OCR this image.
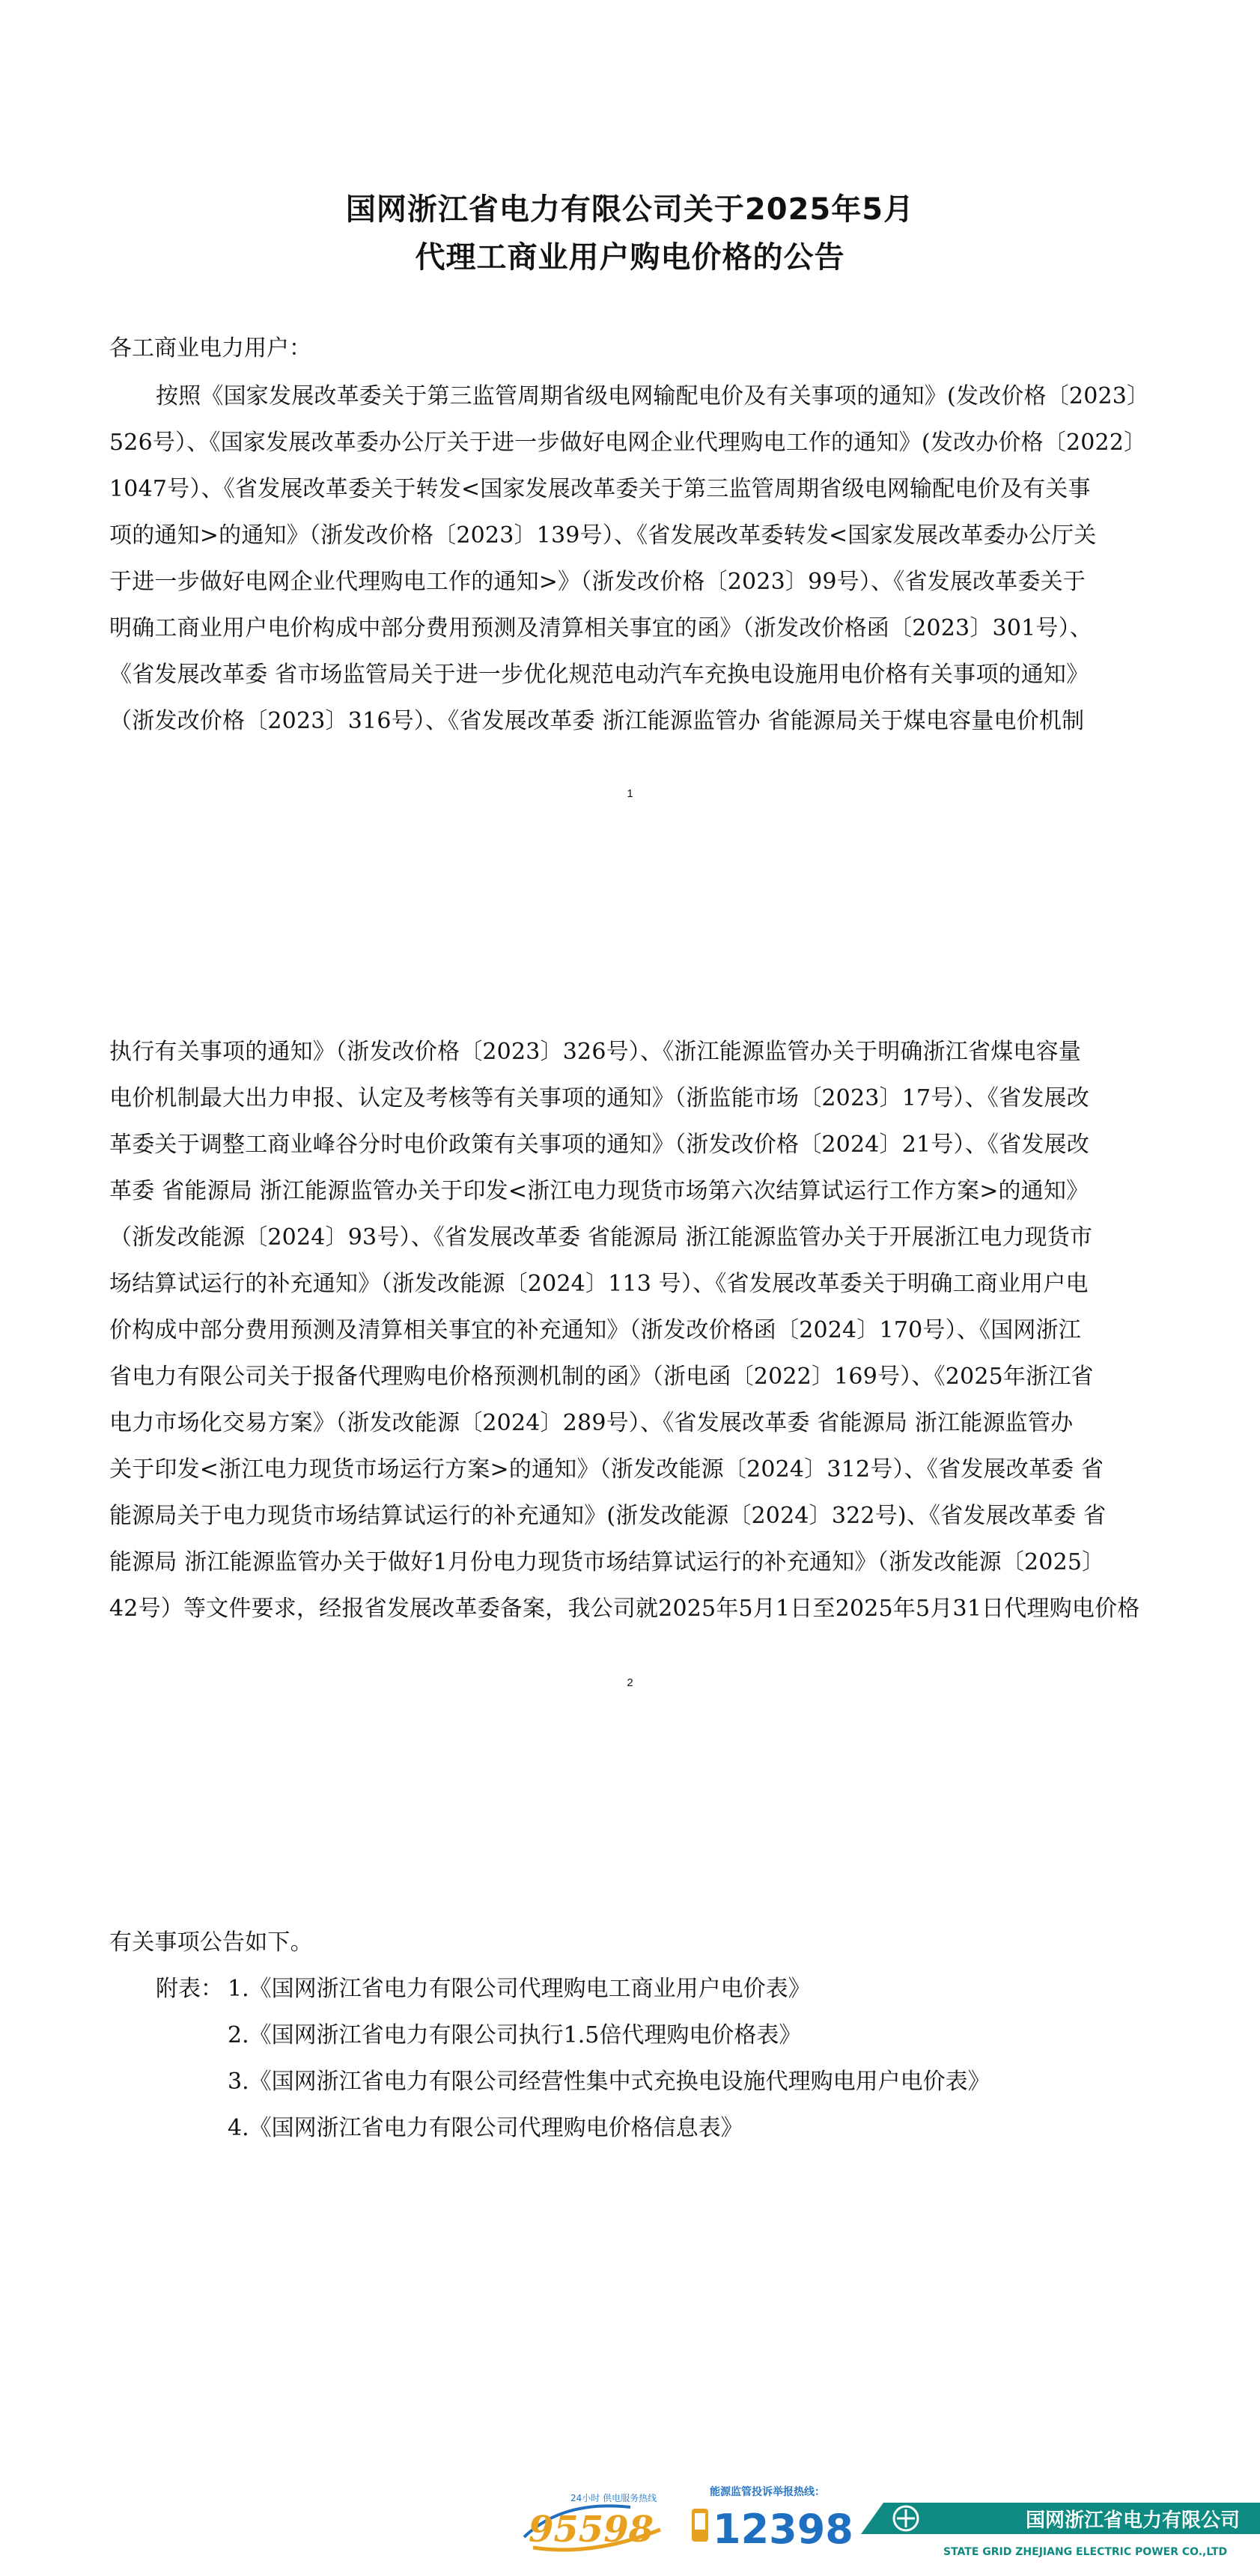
国网浙江省电力有限公司关于2025年5月
代理工商业用户购电价格的公告
各工商业电力用户：
按照《国家发展改革委关于第三监管周期省级电网输配电价及有关事项的通知》(发改价格〔2023〕
526号）、《国家发展改革委办公厅关于进一步做好电网企业代理购电工作的通知》(发改办价格〔2022〕
1047号）、《省发展改革委关于转发<国家发展改革委关于第三监管周期省级电网输配电价及有关事
项的通知>的通知》（浙发改价格〔2023〕139号）、《省发展改革委转发<国家发展改革委办公厅关
于进一步做好电网企业代理购电工作的通知>》（浙发改价格〔2023〕99号）、《省发展改革委关于
明确工商业用户电价构成中部分费用预测及清算相关事宜的函》（浙发改价格函〔2023〕301号）、
《省发展改革委 省市场监管局关于进一步优化规范电动汽车充换电设施用电价格有关事项的通知》
（浙发改价格〔2023〕316号）、《省发展改革委 浙江能源监管办 省能源局关于煤电容量电价机制
1
执行有关事项的通知》（浙发改价格〔2023〕326号）、《浙江能源监管办关于明确浙江省煤电容量
电价机制最大出力申报、认定及考核等有关事项的通知》（浙监能市场〔2023〕17号）、《省发展改
革委关于调整工商业峰谷分时电价政策有关事项的通知》（浙发改价格〔2024〕21号）、《省发展改
革委 省能源局 浙江能源监管办关于印发<浙江电力现货市场第六次结算试运行工作方案>的通知》
（浙发改能源〔2024〕93号）、《省发展改革委 省能源局 浙江能源监管办关于开展浙江电力现货市
场结算试运行的补充通知》（浙发改能源〔2024〕113 号）、《省发展改革委关于明确工商业用户电
价构成中部分费用预测及清算相关事宜的补充通知》（浙发改价格函〔2024〕170号）、《国网浙江
省电力有限公司关于报备代理购电价格预测机制的函》（浙电函〔2022〕169号）、《2025年浙江省
电力市场化交易方案》（浙发改能源〔2024〕289号）、《省发展改革委 省能源局 浙江能源监管办
关于印发<浙江电力现货市场运行方案>的通知》（浙发改能源〔2024〕312号）、《省发展改革委 省
能源局关于电力现货市场结算试运行的补充通知》(浙发改能源〔2024〕322号)、《省发展改革委 省
能源局 浙江能源监管办关于做好1月份电力现货市场结算试运行的补充通知》（浙发改能源〔2025〕
42号）等文件要求，经报省发展改革委备案，我公司就2025年5月1日至2025年5月31日代理购电价格
2
有关事项公告如下。
附表： 1.《国网浙江省电力有限公司代理购电工商业用户电价表》
2.《国网浙江省电力有限公司执行1.5倍代理购电价格表》
3.《国网浙江省电力有限公司经营性集中式充换电设施代理购电用户电价表》
4.《国网浙江省电力有限公司代理购电价格信息表》
24小时 供电服务热线
95598
能源监管投诉举报热线：
12398	国网浙江省电力有限公司
STATE GRID ZHEJIANG ELECTRIC POWER CO.,LTD
